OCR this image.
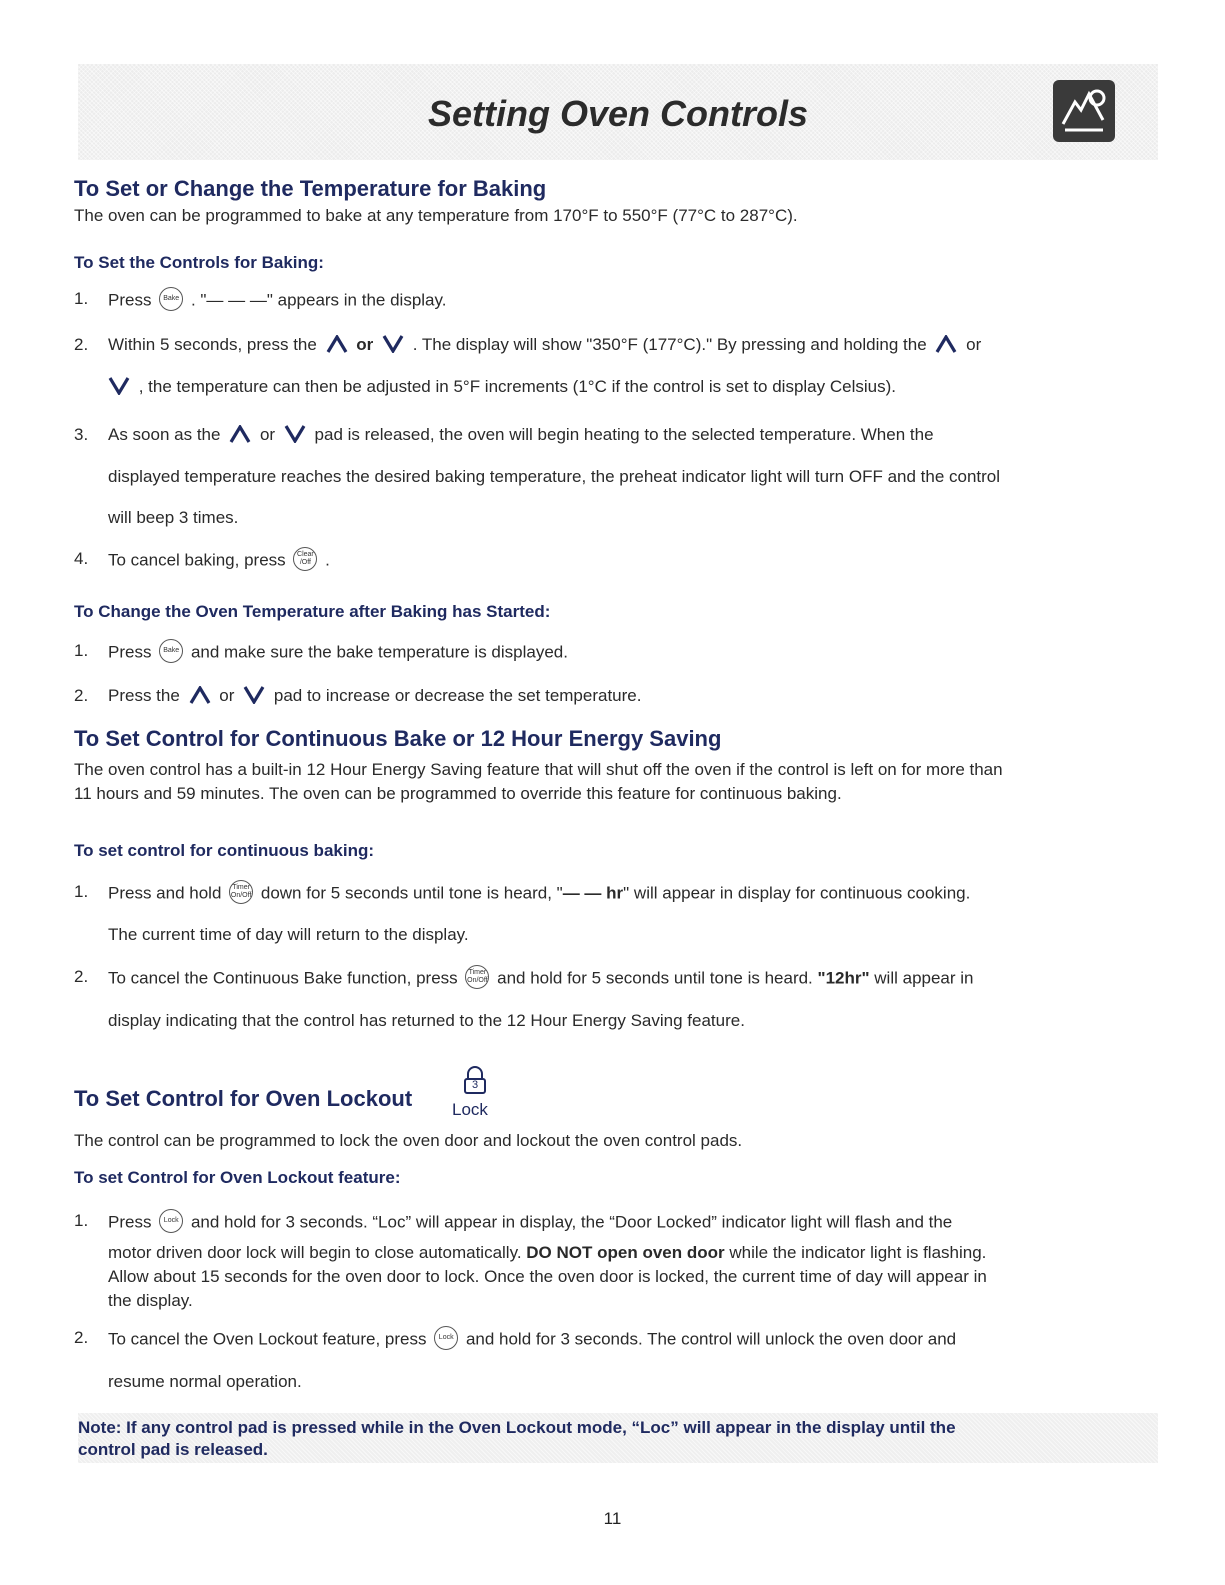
Setting Oven Controls
To Set or Change the Temperature for Baking
The oven can be programmed to bake at any temperature from 170°F to 550°F (77°C to 287°C).
To Set the Controls for Baking:
1. Press	Bake . "— — —" appears in the display.
2. Within 5 seconds, press the or . The display will show "350°F (177°C)." By pressing and holding the or
, the temperature can then be adjusted in 5°F increments (1°C if the control is set to display Celsius).
3. As soon as the or pad is released, the oven will begin heating to the selected temperature. When the
displayed temperature reaches the desired baking temperature, the preheat indicator light will turn OFF and the control
will beep 3 times.
4. To cancel baking, press	Clear
/Off .
To Change the Oven Temperature after Baking has Started:
1. Press	Bake and make sure the bake temperature is displayed.
2. Press the or pad to increase or decrease the set temperature.
To Set Control for Continuous Bake or 12 Hour Energy Saving
The oven control has a built-in 12 Hour Energy Saving feature that will shut off the oven if the control is left on for more than
11 hours and 59 minutes. The oven can be programmed to override this feature for continuous baking.
To set control for continuous baking:
1. Press and hold	Timer
On/Off down for 5 seconds until tone is heard, "— — hr" will appear in display for continuous cooking.
The current time of day will return to the display.
2. To cancel the Continuous Bake function, press	Timer
On/Off and hold for 5 seconds until tone is heard. "12hr" will appear in
display indicating that the control has returned to the 12 Hour Energy Saving feature.
To Set Control for Oven Lockout
3
Lock
The control can be programmed to lock the oven door and lockout the oven control pads.
To set Control for Oven Lockout feature:
1. Press	Lock and hold for 3 seconds. “Loc” will appear in display, the “Door Locked” indicator light will flash and the
motor driven door lock will begin to close automatically. DO NOT open oven door while the indicator light is flashing.
Allow about 15 seconds for the oven door to lock. Once the oven door is locked, the current time of day will appear in
the display.
2. To cancel the Oven Lockout feature, press	Lock and hold for 3 seconds. The control will unlock the oven door and
resume normal operation.
Note: If any control pad is pressed while in the Oven Lockout mode, “Loc” will appear in the display until the
control pad is released.
11
